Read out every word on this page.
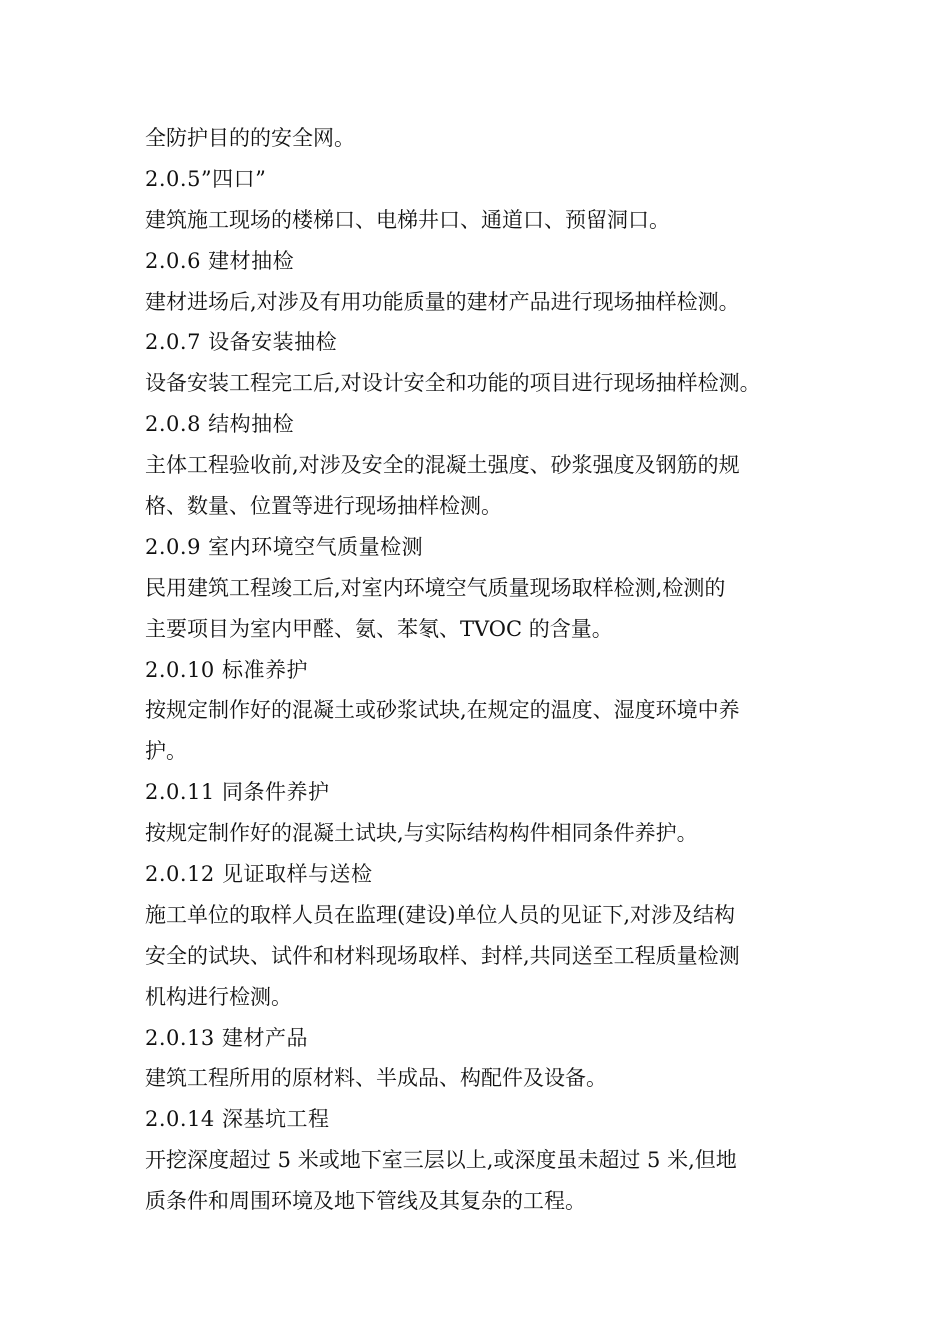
全防护目的的安全网。
2.0.5”四口”
建筑施工现场的楼梯口、电梯井口、通道口、预留洞口。
2.0.6 建材抽检
建材进场后,对涉及有用功能质量的建材产品进行现场抽样检测。
2.0.7 设备安装抽检
设备安装工程完工后,对设计安全和功能的项目进行现场抽样检测。
2.0.8 结构抽检
主体工程验收前,对涉及安全的混凝土强度、砂浆强度及钢筋的规
格、数量、位置等进行现场抽样检测。
2.0.9 室内环境空气质量检测
民用建筑工程竣工后,对室内环境空气质量现场取样检测,检测的
主要项目为室内甲醛、氨、苯氡、TVOC 的含量。
2.0.10 标准养护
按规定制作好的混凝土或砂浆试块,在规定的温度、湿度环境中养
护。
2.0.11 同条件养护
按规定制作好的混凝土试块,与实际结构构件相同条件养护。
2.0.12 见证取样与送检
施工单位的取样人员在监理(建设)单位人员的见证下,对涉及结构
安全的试块、试件和材料现场取样、封样,共同送至工程质量检测
机构进行检测。
2.0.13 建材产品
建筑工程所用的原材料、半成品、构配件及设备。
2.0.14 深基坑工程
开挖深度超过 5 米或地下室三层以上,或深度虽未超过 5 米,但地
质条件和周围环境及地下管线及其复杂的工程。
